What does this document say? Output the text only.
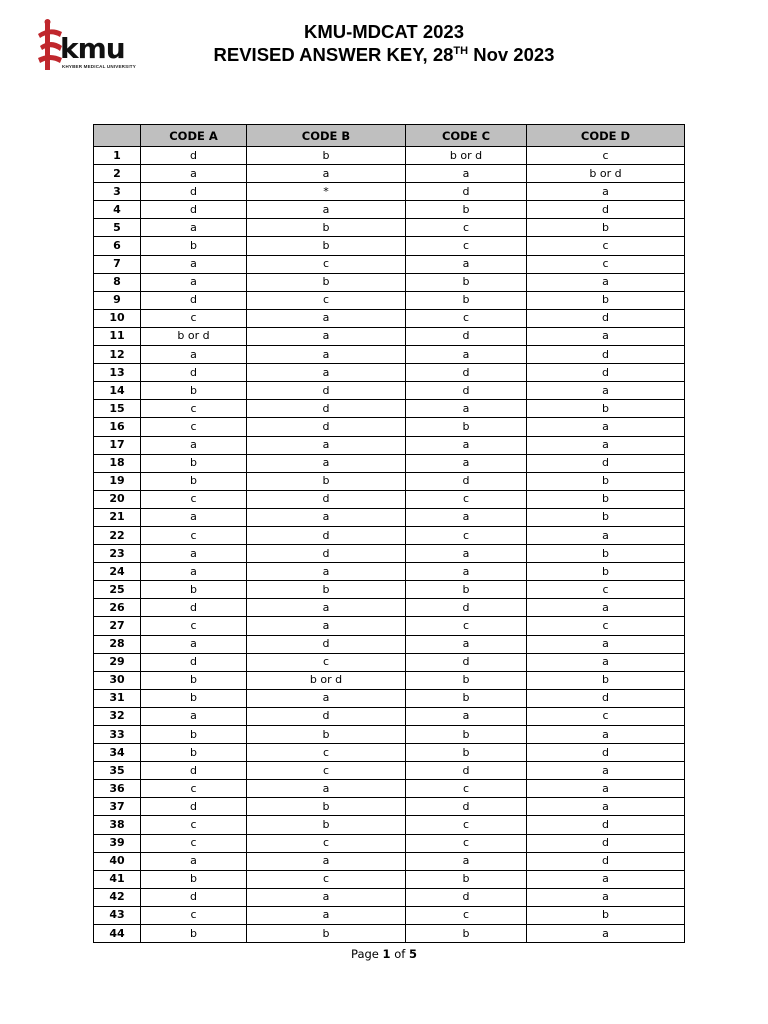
kmu
KHYBER MEDICAL UNIVERSITY
KMU-MDCAT 2023
REVISED ANSWER KEY, 28TH Nov 2023
	CODE A	CODE B	CODE C	CODE D
1	d	b	b or d	c
2	a	a	a	b or d
3	d	*	d	a
4	d	a	b	d
5	a	b	c	b
6	b	b	c	c
7	a	c	a	c
8	a	b	b	a
9	d	c	b	b
10	c	a	c	d
11	b or d	a	d	a
12	a	a	a	d
13	d	a	d	d
14	b	d	d	a
15	c	d	a	b
16	c	d	b	a
17	a	a	a	a
18	b	a	a	d
19	b	b	d	b
20	c	d	c	b
21	a	a	a	b
22	c	d	c	a
23	a	d	a	b
24	a	a	a	b
25	b	b	b	c
26	d	a	d	a
27	c	a	c	c
28	a	d	a	a
29	d	c	d	a
30	b	b or d	b	b
31	b	a	b	d
32	a	d	a	c
33	b	b	b	a
34	b	c	b	d
35	d	c	d	a
36	c	a	c	a
37	d	b	d	a
38	c	b	c	d
39	c	c	c	d
40	a	a	a	d
41	b	c	b	a
42	d	a	d	a
43	c	a	c	b
44	b	b	b	a
Page 1 of 5
